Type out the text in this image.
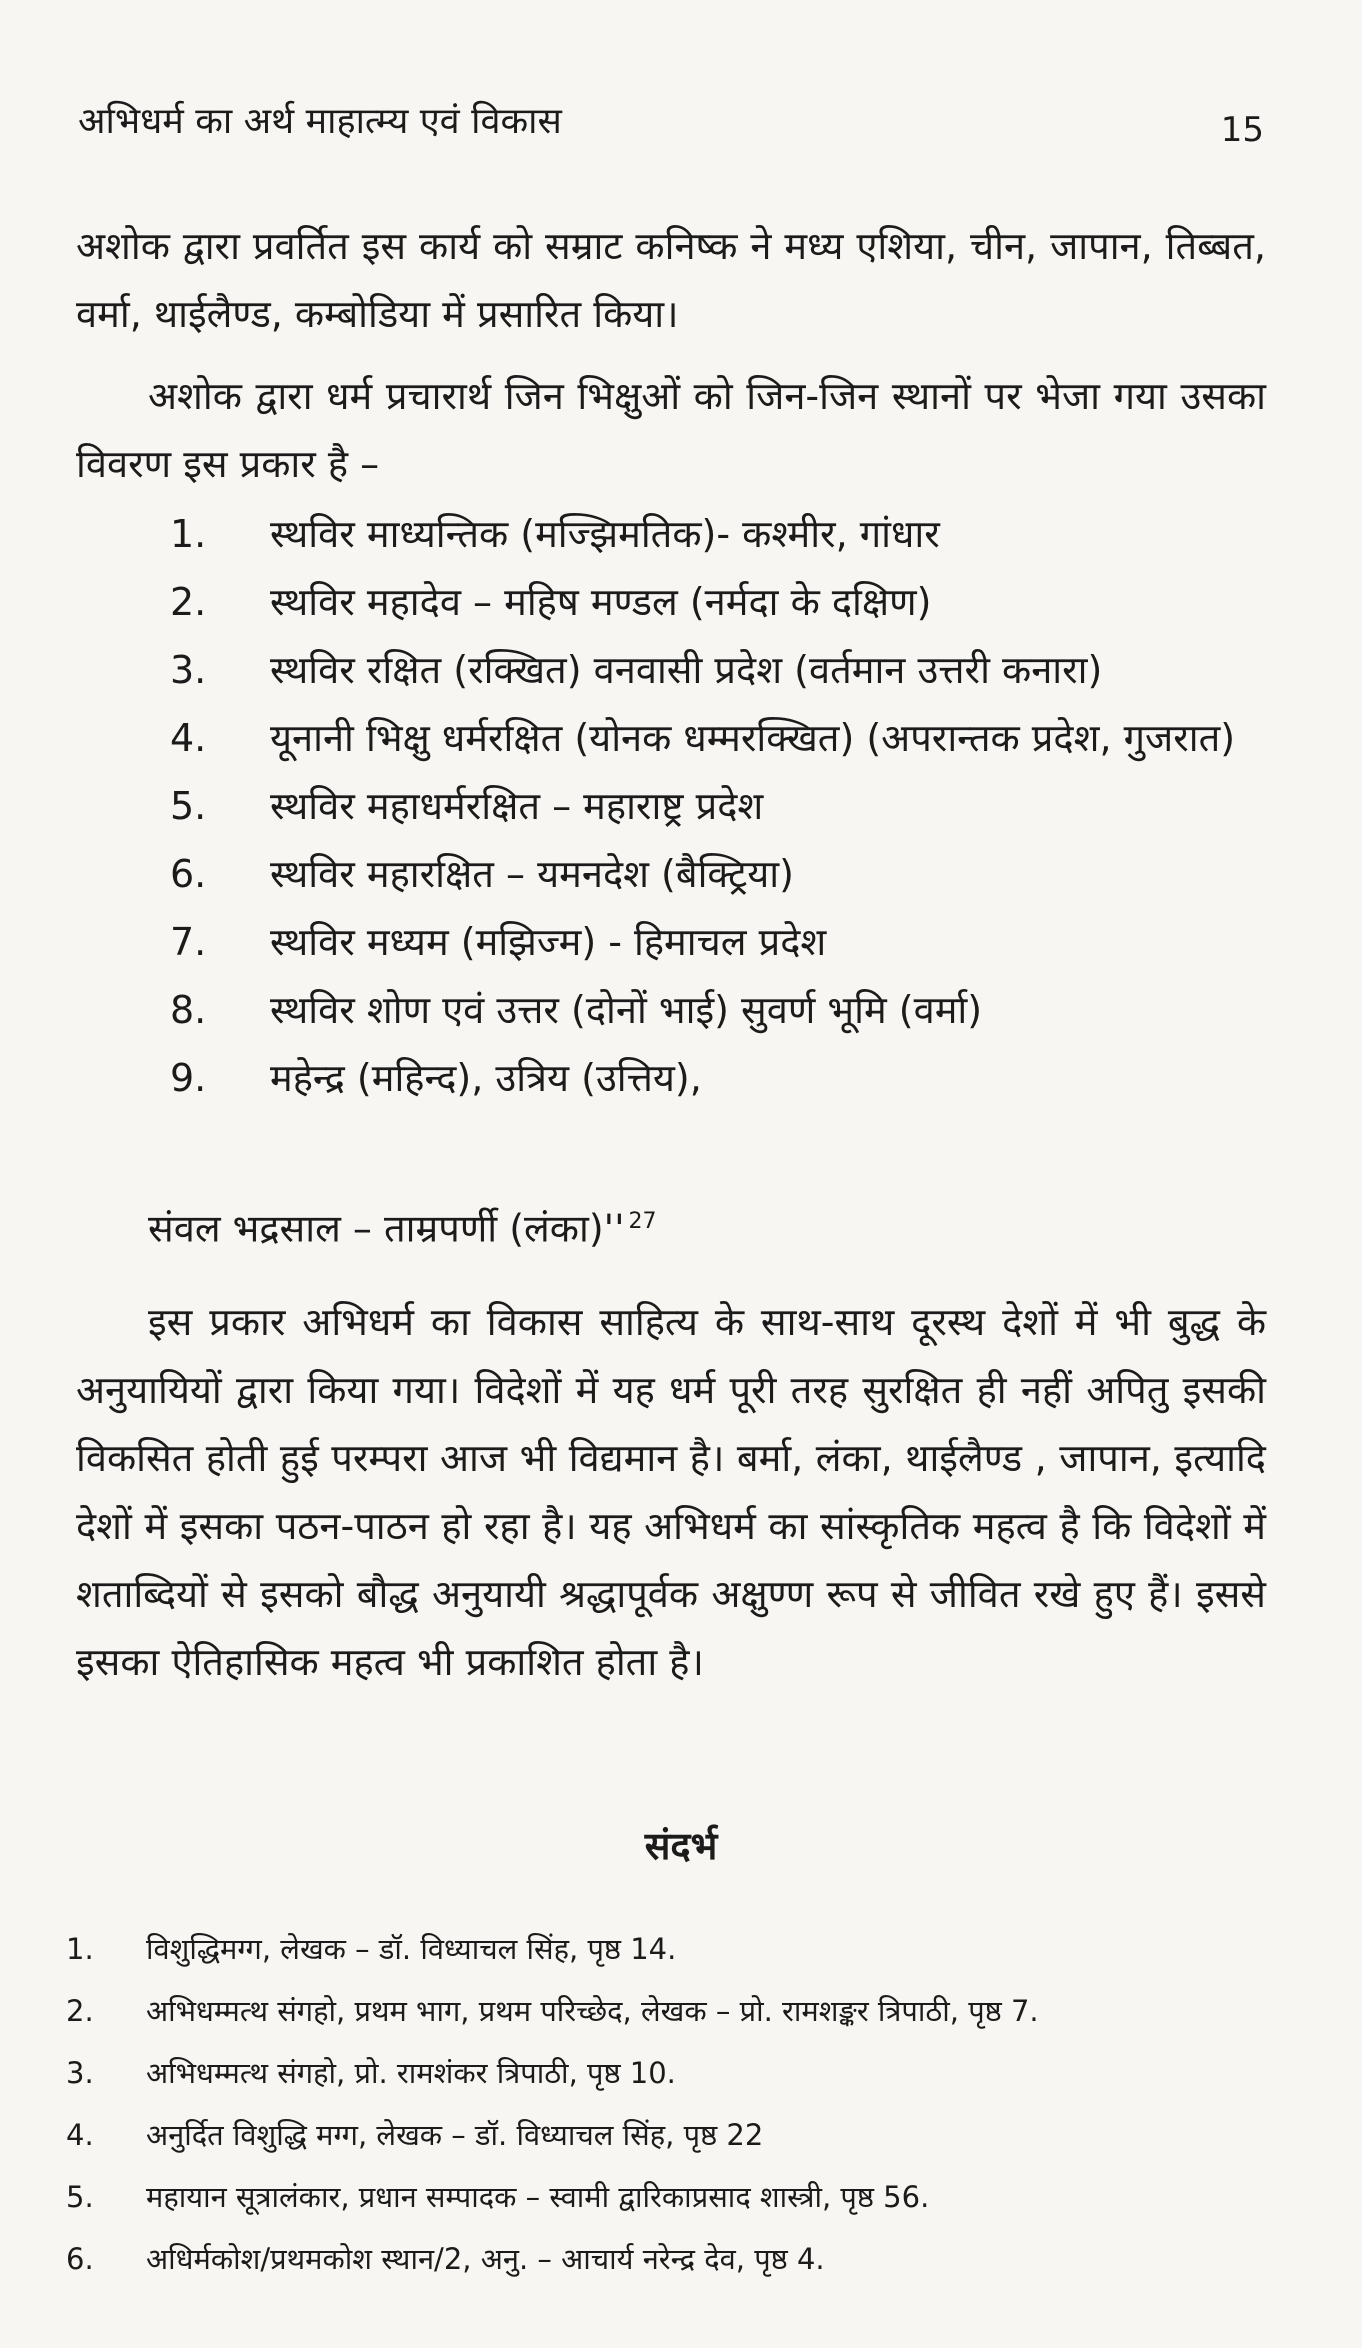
अभिधर्म का अर्थ माहात्म्य एवं विकास	15

अशोक द्वारा प्रवर्तित इस कार्य को सम्राट कनिष्क ने मध्य एशिया, चीन, जापान, तिब्बत, वर्मा, थाईलैण्ड, कम्बोडिया में प्रसारित किया।

अशोक द्वारा धर्म प्रचारार्थ जिन भिक्षुओं को जिन-जिन स्थानों पर भेजा गया उसका विवरण इस प्रकार है –

1.	स्थविर माध्यन्तिक (मज्झिमतिक)- कश्मीर, गांधार
2.	स्थविर महादेव – महिष मण्डल (नर्मदा के दक्षिण)
3.	स्थविर रक्षित (रक्खित) वनवासी प्रदेश (वर्तमान उत्तरी कनारा)
4.	यूनानी भिक्षु धर्मरक्षित (योनक धम्मरक्खित) (अपरान्तक प्रदेश, गुजरात)
5.	स्थविर महाधर्मरक्षित – महाराष्ट्र प्रदेश
6.	स्थविर महारक्षित – यमनदेश (बैक्ट्रिया)
7.	स्थविर मध्यम (मझिज्म) - हिमाचल प्रदेश
8.	स्थविर शोण एवं उत्तर (दोनों भाई) सुवर्ण भूमि (वर्मा)
9.	महेन्द्र (महिन्द), उत्रिय (उत्तिय),
संवल भद्रसाल – ताम्रपर्णी (लंका)'' $^{27}$

इस प्रकार अभिधर्म का विकास साहित्य के साथ-साथ दूरस्थ देशों में भी बुद्ध के अनुयायियों द्वारा किया गया। विदेशों में यह धर्म पूरी तरह सुरक्षित ही नहीं अपितु इसकी विकसित होती हुई परम्परा आज भी विद्यमान है। बर्मा, लंका, थाईलैण्ड , जापान, इत्यादि देशों में इसका पठन-पाठन हो रहा है। यह अभिधर्म का सांस्कृतिक महत्व है कि विदेशों में शताब्दियों से इसको बौद्ध अनुयायी श्रद्धापूर्वक अक्षुण्ण रूप से जीवित रखे हुए हैं। इससे इसका ऐतिहासिक महत्व भी प्रकाशित होता है।

संदर्भ
1.	विशुद्धिमग्ग, लेखक – डॉ. विध्याचल सिंह, पृष्ठ 14.
2.	अभिधम्मत्थ संगहो, प्रथम भाग, प्रथम परिच्छेद, लेखक – प्रो. रामशङ्कर त्रिपाठी, पृष्ठ 7.
3.	अभिधम्मत्थ संगहो, प्रो. रामशंकर त्रिपाठी, पृष्ठ 10.
4.	अनुर्दित विशुद्धि मग्ग, लेखक – डॉ. विध्याचल सिंह, पृष्ठ 22
5.	महायान सूत्रालंकार, प्रधान सम्पादक – स्वामी द्वारिकाप्रसाद शास्त्री, पृष्ठ 56.
6.	अधिर्मकोश/प्रथमकोश स्थान/2, अनु. – आचार्य नरेन्द्र देव, पृष्ठ 4.
